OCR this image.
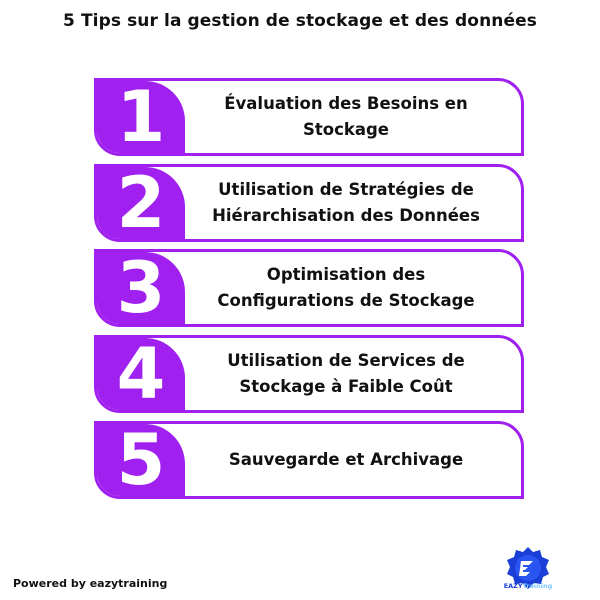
5 Tips sur la gestion de stockage et des données
1	Évaluation des Besoins en Stockage
2	Utilisation de Stratégies de Hiérarchisation des Données
3	Optimisation des Configurations de Stockage
4	Utilisation de Services de Stockage à Faible Coût
5	Sauvegarde et Archivage
Powered by eazytraining	EAZYTraining
